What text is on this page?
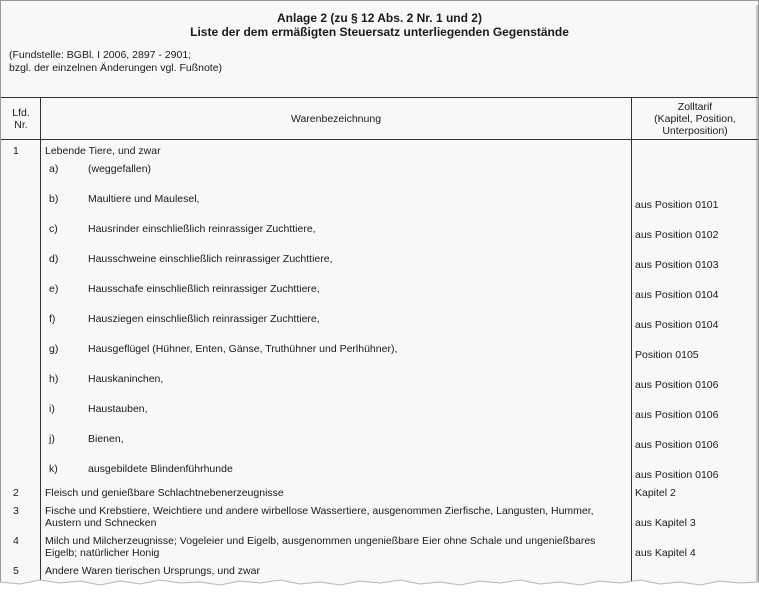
Anlage 2 (zu § 12 Abs. 2 Nr. 1 und 2)
Liste der dem ermäßigten Steuersatz unterliegenden Gegenstände
(Fundstelle: BGBl. I 2006, 2897 - 2901;
bzgl. der einzelnen Änderungen vgl. Fußnote)
Lfd.
Nr.	Warenbezeichnung
Zolltarif
(Kapitel, Position,
Unterposition)
1 Lebende Tiere, und zwar
a)	(weggefallen)
b)	Maultiere und Maulesel,	aus Position 0101
c)	Hausrinder einschließlich reinrassiger Zuchttiere,	aus Position 0102
d)	Hausschweine einschließlich reinrassiger Zuchttiere,	aus Position 0103
e)	Hausschafe einschließlich reinrassiger Zuchttiere,	aus Position 0104
f)	Hausziegen einschließlich reinrassiger Zuchttiere,	aus Position 0104
g)	Hausgeflügel (Hühner, Enten, Gänse, Truthühner und Perlhühner),	Position 0105
h)	Hauskaninchen,	aus Position 0106
i)	Haustauben,	aus Position 0106
j)	Bienen,	aus Position 0106
k)	ausgebildete Blindenführhunde	aus Position 0106
2 Fleisch und genießbare Schlachtnebenerzeugnisse	Kapitel 2
3 Fische und Krebstiere, Weichtiere und andere wirbellose Wassertiere, ausgenommen Zierfische, Langusten, Hummer, Austern und Schnecken	aus Kapitel 3
4 Milch und Milcherzeugnisse; Vogeleier und Eigelb, ausgenommen ungenießbare Eier ohne Schale und ungenießbares Eigelb; natürlicher Honig	aus Kapitel 4
5 Andere Waren tierischen Ursprungs, und zwar
